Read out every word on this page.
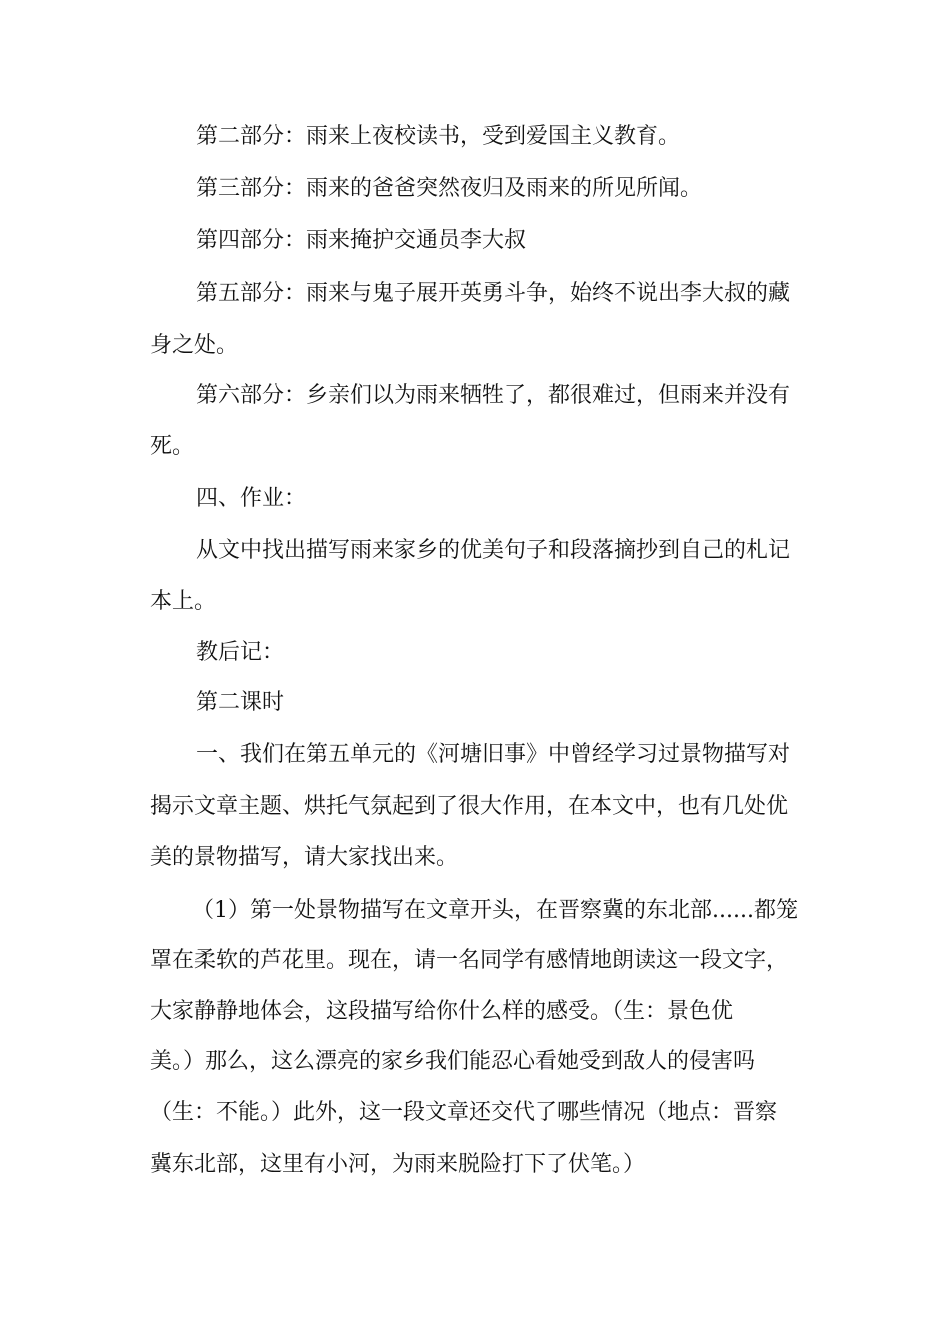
第二部分：雨来上夜校读书，受到爱国主义教育。
第三部分：雨来的爸爸突然夜归及雨来的所见所闻。
第四部分：雨来掩护交通员李大叔
第五部分：雨来与鬼子展开英勇斗争，始终不说出李大叔的藏
身之处。
第六部分：乡亲们以为雨来牺牲了，都很难过，但雨来并没有
死。
四、作业：
从文中找出描写雨来家乡的优美句子和段落摘抄到自己的札记
本上。
教后记：
第二课时
一、我们在第五单元的《河塘旧事》中曾经学习过景物描写对
揭示文章主题、烘托气氛起到了很大作用，在本文中，也有几处优
美的景物描写，请大家找出来。
（1）第一处景物描写在文章开头，在晋察冀的东北部......都笼
罩在柔软的芦花里。现在，请一名同学有感情地朗读这一段文字，
大家静静地体会，这段描写给你什么样的感受。（生：景色优
美。）那么，这么漂亮的家乡我们能忍心看她受到敌人的侵害吗
（生：不能。）此外，这一段文章还交代了哪些情况（地点：晋察
冀东北部，这里有小河，为雨来脱险打下了伏笔。）
